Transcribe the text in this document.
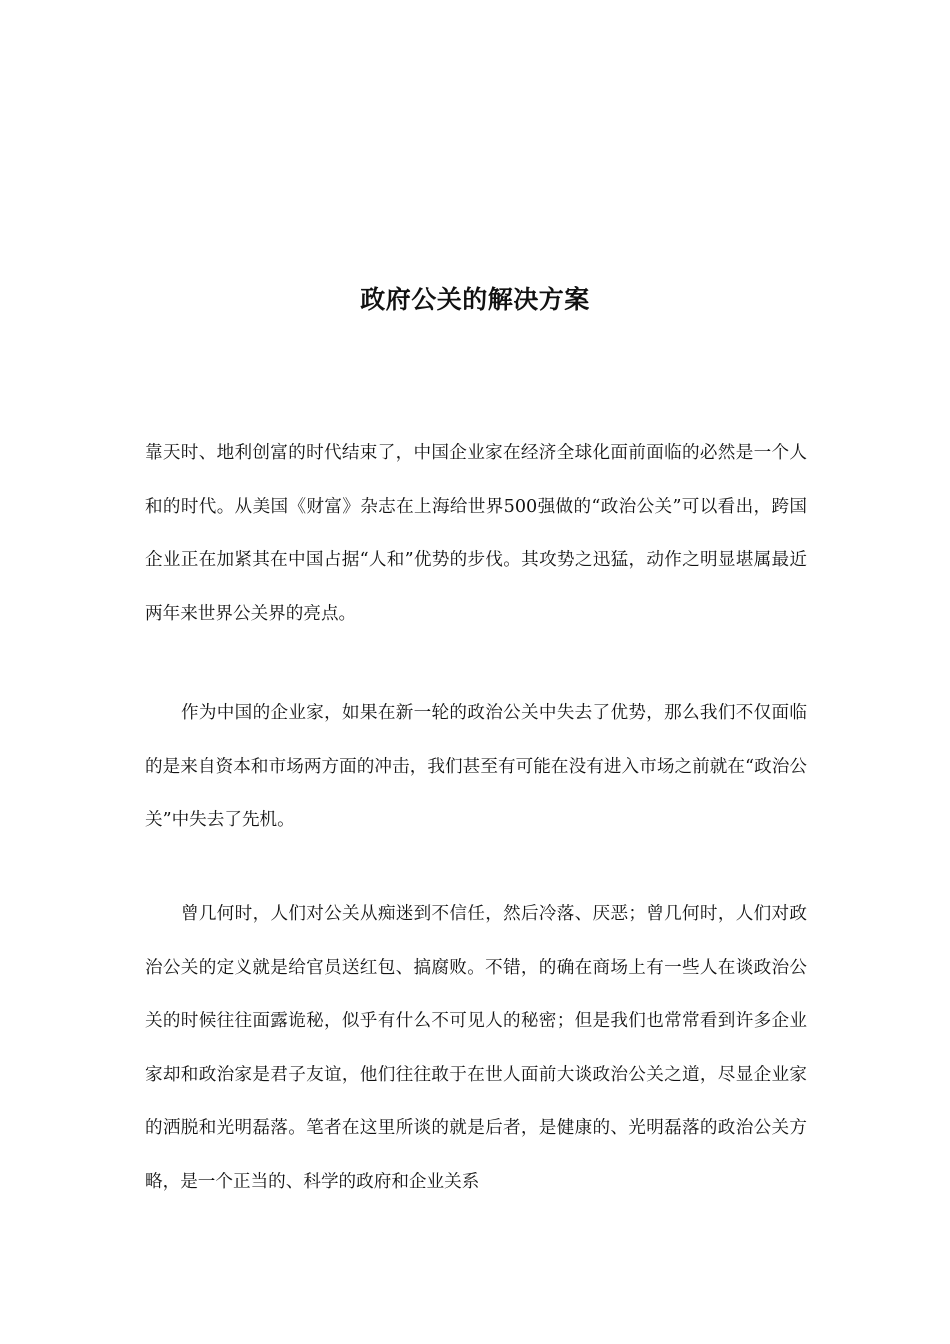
政府公关的解决方案

靠天时、地利创富的时代结束了，中国企业家在经济全球化面前面临的必然是一个人和的时代。从美国《财富》杂志在上海给世界500强做的“政治公关”可以看出，跨国企业正在加紧其在中国占据“人和”优势的步伐。其攻势之迅猛，动作之明显堪属最近两年来世界公关界的亮点。

作为中国的企业家，如果在新一轮的政治公关中失去了优势，那么我们不仅面临的是来自资本和市场两方面的冲击，我们甚至有可能在没有进入市场之前就在“政治公关”中失去了先机。

曾几何时，人们对公关从痴迷到不信任，然后冷落、厌恶；曾几何时，人们对政治公关的定义就是给官员送红包、搞腐败。不错，的确在商场上有一些人在谈政治公关的时候往往面露诡秘，似乎有什么不可见人的秘密；但是我们也常常看到许多企业家却和政治家是君子友谊，他们往往敢于在世人面前大谈政治公关之道，尽显企业家的洒脱和光明磊落。笔者在这里所谈的就是后者，是健康的、光明磊落的政治公关方略，是一个正当的、科学的政府和企业关系
